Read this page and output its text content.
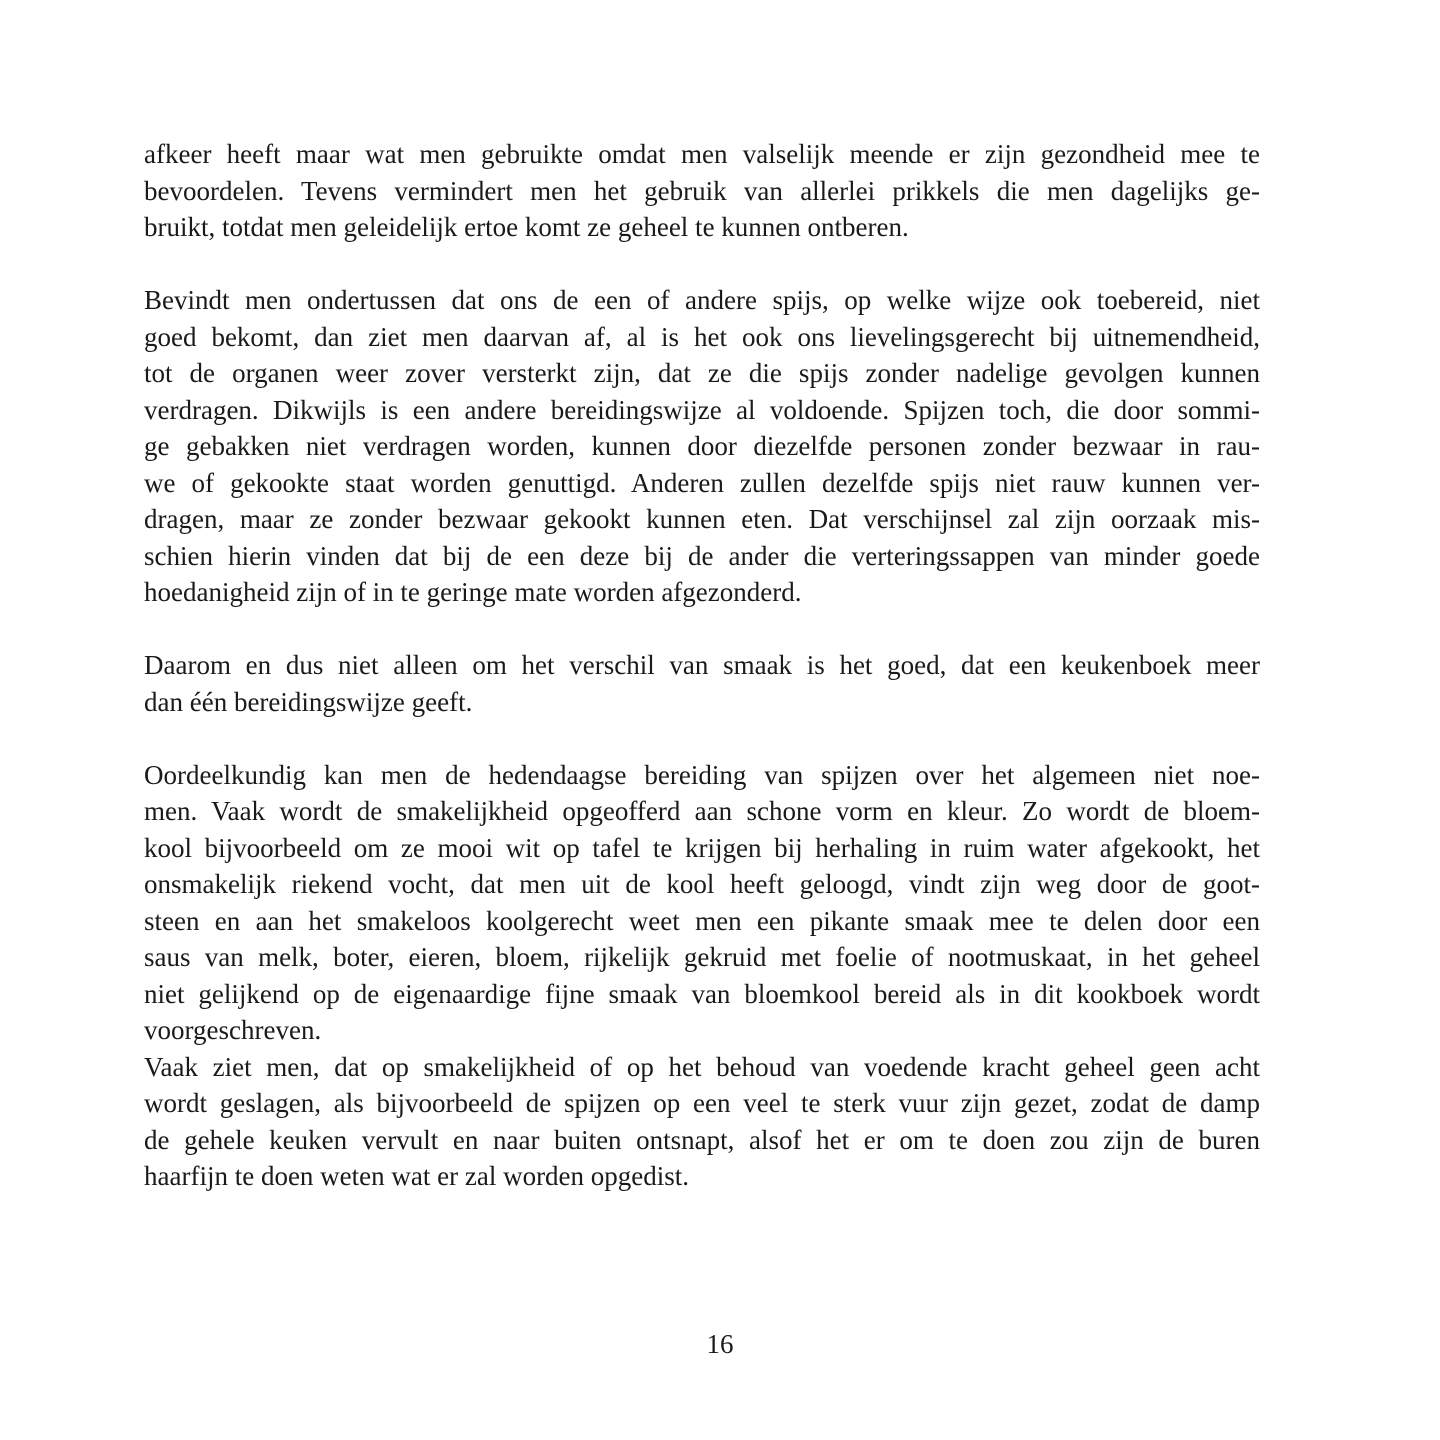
afkeer heeft maar wat men gebruikte omdat men valselijk meende er zijn gezondheid mee te
bevoordelen. Tevens vermindert men het gebruik van allerlei prikkels die men dagelijks ge-
bruikt, totdat men geleidelijk ertoe komt ze geheel te kunnen ontberen.
Bevindt men ondertussen dat ons de een of andere spijs, op welke wijze ook toebereid, niet
goed bekomt, dan ziet men daarvan af, al is het ook ons lievelingsgerecht bij uitnemendheid,
tot de organen weer zover versterkt zijn, dat ze die spijs zonder nadelige gevolgen kunnen
verdragen. Dikwijls is een andere bereidingswijze al voldoende. Spijzen toch, die door sommi-
ge gebakken niet verdragen worden, kunnen door diezelfde personen zonder bezwaar in rau-
we of gekookte staat worden genuttigd. Anderen zullen dezelfde spijs niet rauw kunnen ver-
dragen, maar ze zonder bezwaar gekookt kunnen eten. Dat verschijnsel zal zijn oorzaak mis-
schien hierin vinden dat bij de een deze bij de ander die verteringssappen van minder goede
hoedanigheid zijn of in te geringe mate worden afgezonderd.
Daarom en dus niet alleen om het verschil van smaak is het goed, dat een keukenboek meer
dan één bereidingswijze geeft.
Oordeelkundig kan men de hedendaagse bereiding van spijzen over het algemeen niet noe-
men. Vaak wordt de smakelijkheid opgeofferd aan schone vorm en kleur. Zo wordt de bloem-
kool bijvoorbeeld om ze mooi wit op tafel te krijgen bij herhaling in ruim water afgekookt, het
onsmakelijk riekend vocht, dat men uit de kool heeft geloogd, vindt zijn weg door de goot-
steen en aan het smakeloos koolgerecht weet men een pikante smaak mee te delen door een
saus van melk, boter, eieren, bloem, rijkelijk gekruid met foelie of nootmuskaat, in het geheel
niet gelijkend op de eigenaardige fijne smaak van bloemkool bereid als in dit kookboek wordt
voorgeschreven.
Vaak ziet men, dat op smakelijkheid of op het behoud van voedende kracht geheel geen acht
wordt geslagen, als bijvoorbeeld de spijzen op een veel te sterk vuur zijn gezet, zodat de damp
de gehele keuken vervult en naar buiten ontsnapt, alsof het er om te doen zou zijn de buren
haarfijn te doen weten wat er zal worden opgedist.
16
